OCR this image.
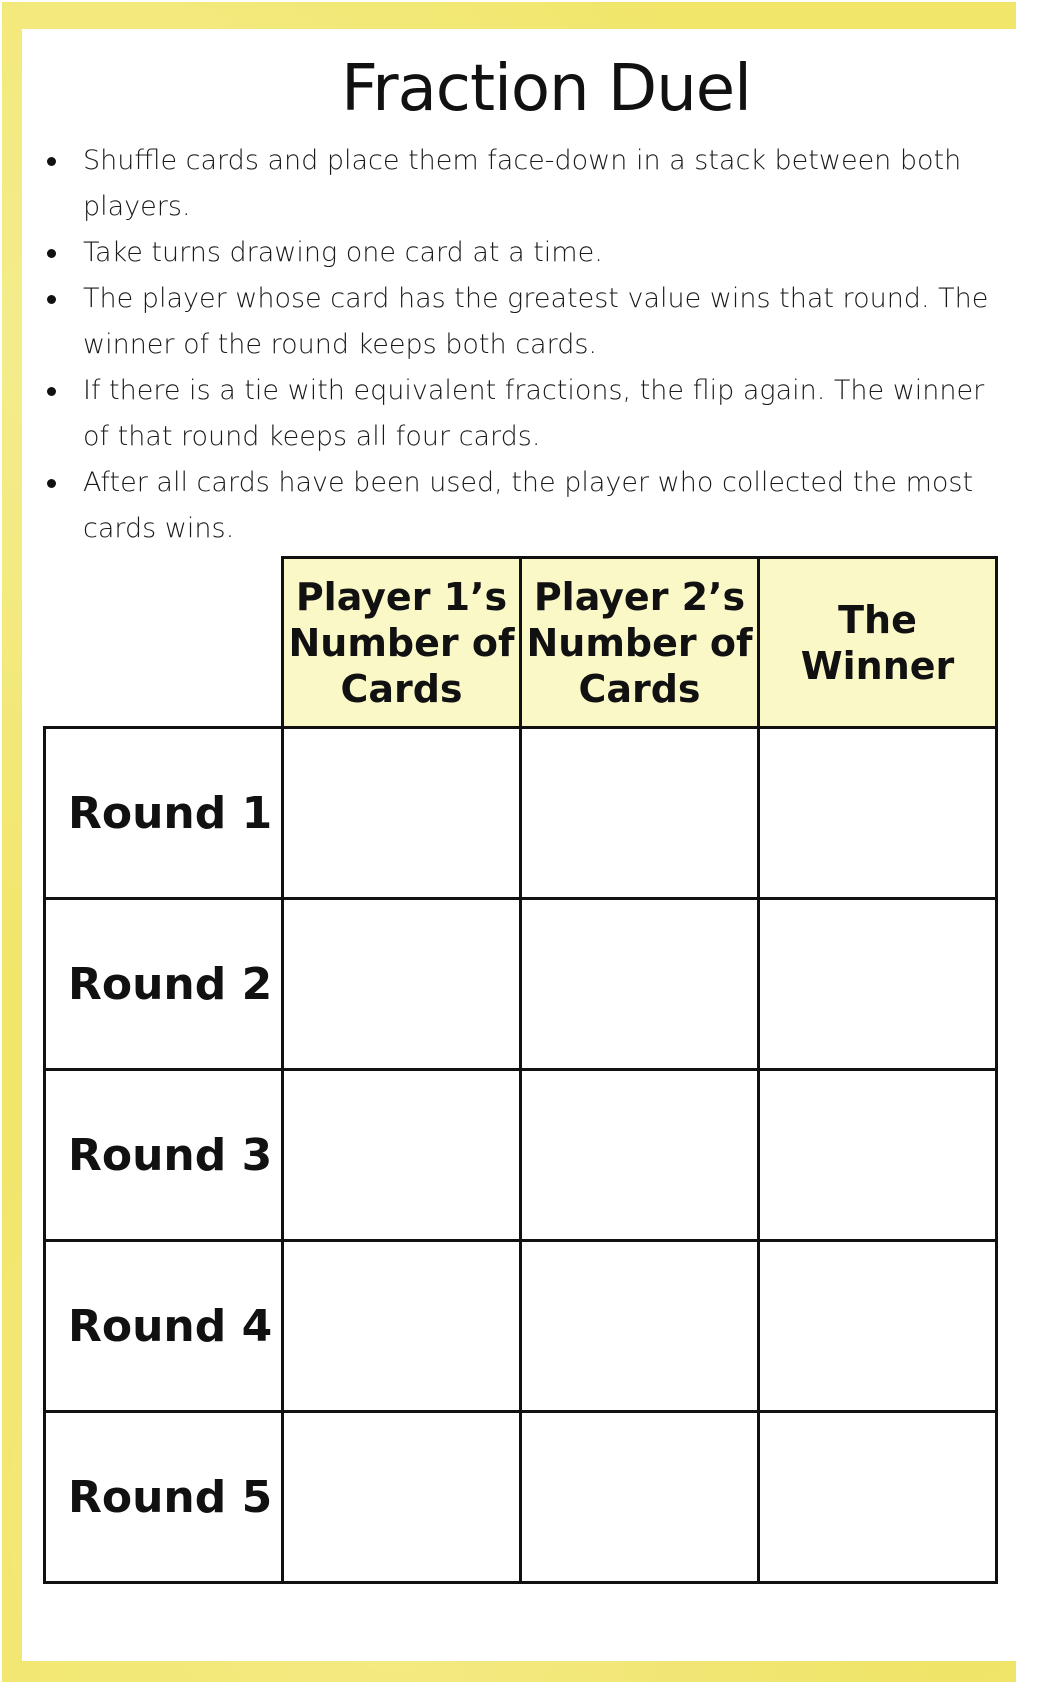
Fraction Duel
Shuffle cards and place them face-down in a stack between both players.
Take turns drawing one card at a time.
The player whose card has the greatest value wins that round. The winner of the round keeps both cards.
If there is a tie with equivalent fractions, the flip again. The winner of that round keeps all four cards.
After all cards have been used, the player who collected the most cards wins.
	Player 1’s Number of Cards	Player 2’s Number of Cards	The Winner
Round 1			
Round 2			
Round 3			
Round 4			
Round 5			
